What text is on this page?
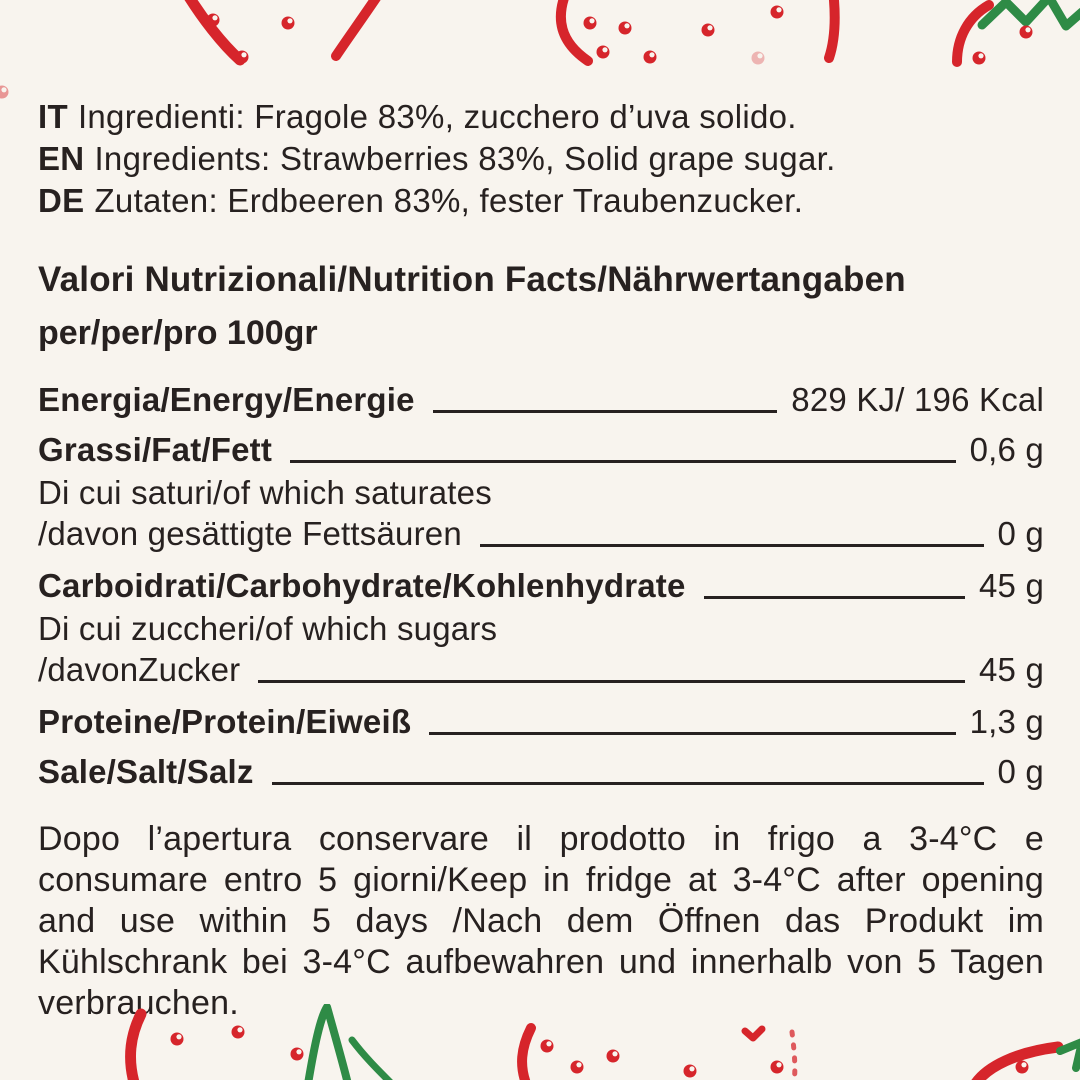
IT Ingredienti: Fragole 83%, zucchero d’uva solido.
EN Ingredients: Strawberries 83%, Solid grape sugar.
DE Zutaten: Erdbeeren 83%, fester Traubenzucker.
Valori Nutrizionali/Nutrition Facts/Nährwertangaben
per/per/pro 100gr
Energia/Energy/Energie	829 KJ/ 196 Kcal
Grassi/Fat/Fett	0,6 g
Di cui saturi/of which saturates
/davon gesättigte Fettsäuren	0 g
Carboidrati/Carbohydrate/Kohlenhydrate	45 g
Di cui zuccheri/of which sugars
/davonZucker	45 g
Proteine/Protein/Eiweiß	1,3 g
Sale/Salt/Salz	0 g

Dopo l’apertura conservare il prodotto in frigo a 3-4°C e consumare entro 5 giorni/Keep in fridge at 3-4°C after opening and use within 5 days /Nach dem Öffnen das Produkt im Kühlschrank bei 3-4°C aufbewahren und innerhalb von 5 Tagen verbrauchen.
